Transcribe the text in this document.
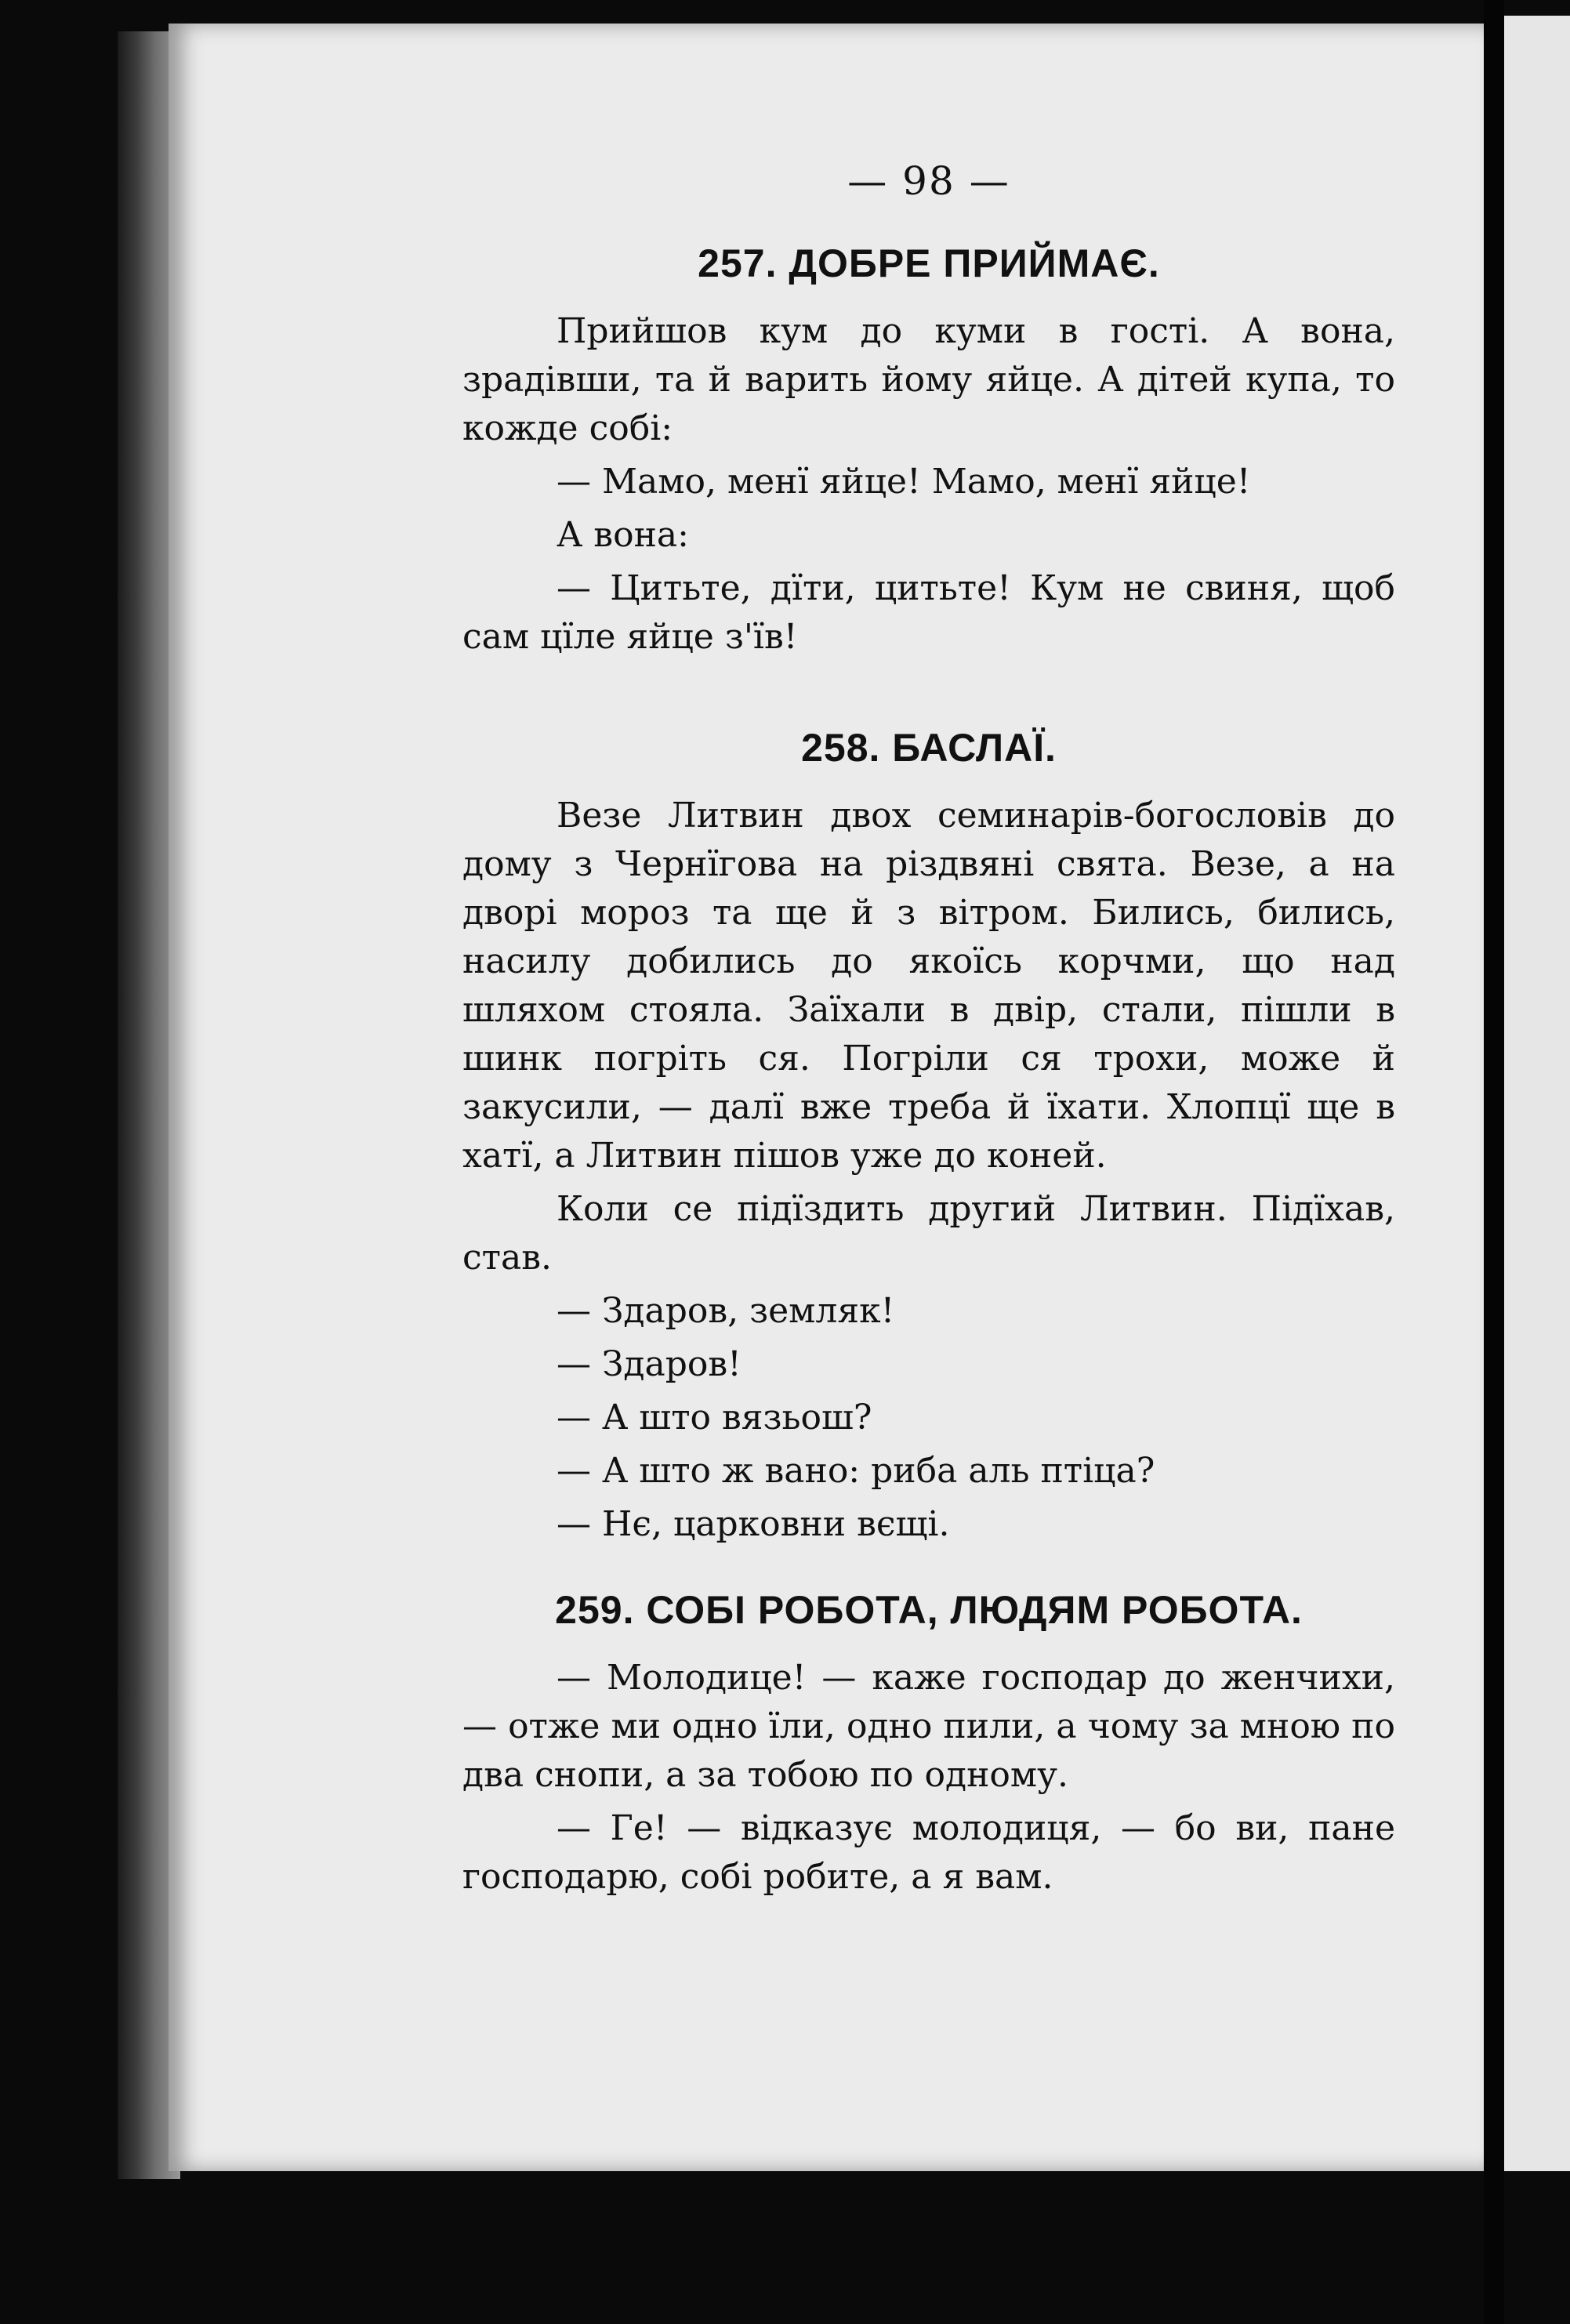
— 98 —
257. ДОБРЕ ПРИЙМАЄ.

Прийшов кум до куми в гості. А вона, зрадівши, та й варить йому яйце. А дітей купа, то кожде собі:

— Мамо, менї яйце! Мамо, менї яйце!

А вона:

— Цитьте, дїти, цитьте! Кум не свиня, щоб сам цїле яйце з'їв!

258. БАСЛАЇ.

Везе Литвин двох семинарів-богословів до дому з Чернїгова на різдвяні свята. Везе, а на дворі мороз та ще й з вітром. Бились, бились, насилу добились до якоїсь корчми, що над шляхом стояла. Заїхали в двір, стали, пішли в шинк погріть ся. Погріли ся трохи, може й закусили, — далї вже треба й їхати. Хлопцї ще в хатї, а Литвин пішов уже до коней.

Коли се підїздить другий Литвин. Підїхав, став.

— Здаров, земляк!

— Здаров!

— А што вязьош?

— А што ж вано: риба аль птіца?

— Нє, царковни вєщі.

259. СОБІ РОБОТА, ЛЮДЯМ РОБОТА.

— Молодице! — каже господар до женчихи, — отже ми одно їли, одно пили, а чому за мною по два снопи, а за тобою по одному.

— Ге! — відказує молодиця, — бо ви, пане господарю, собі робите, а я вам.
